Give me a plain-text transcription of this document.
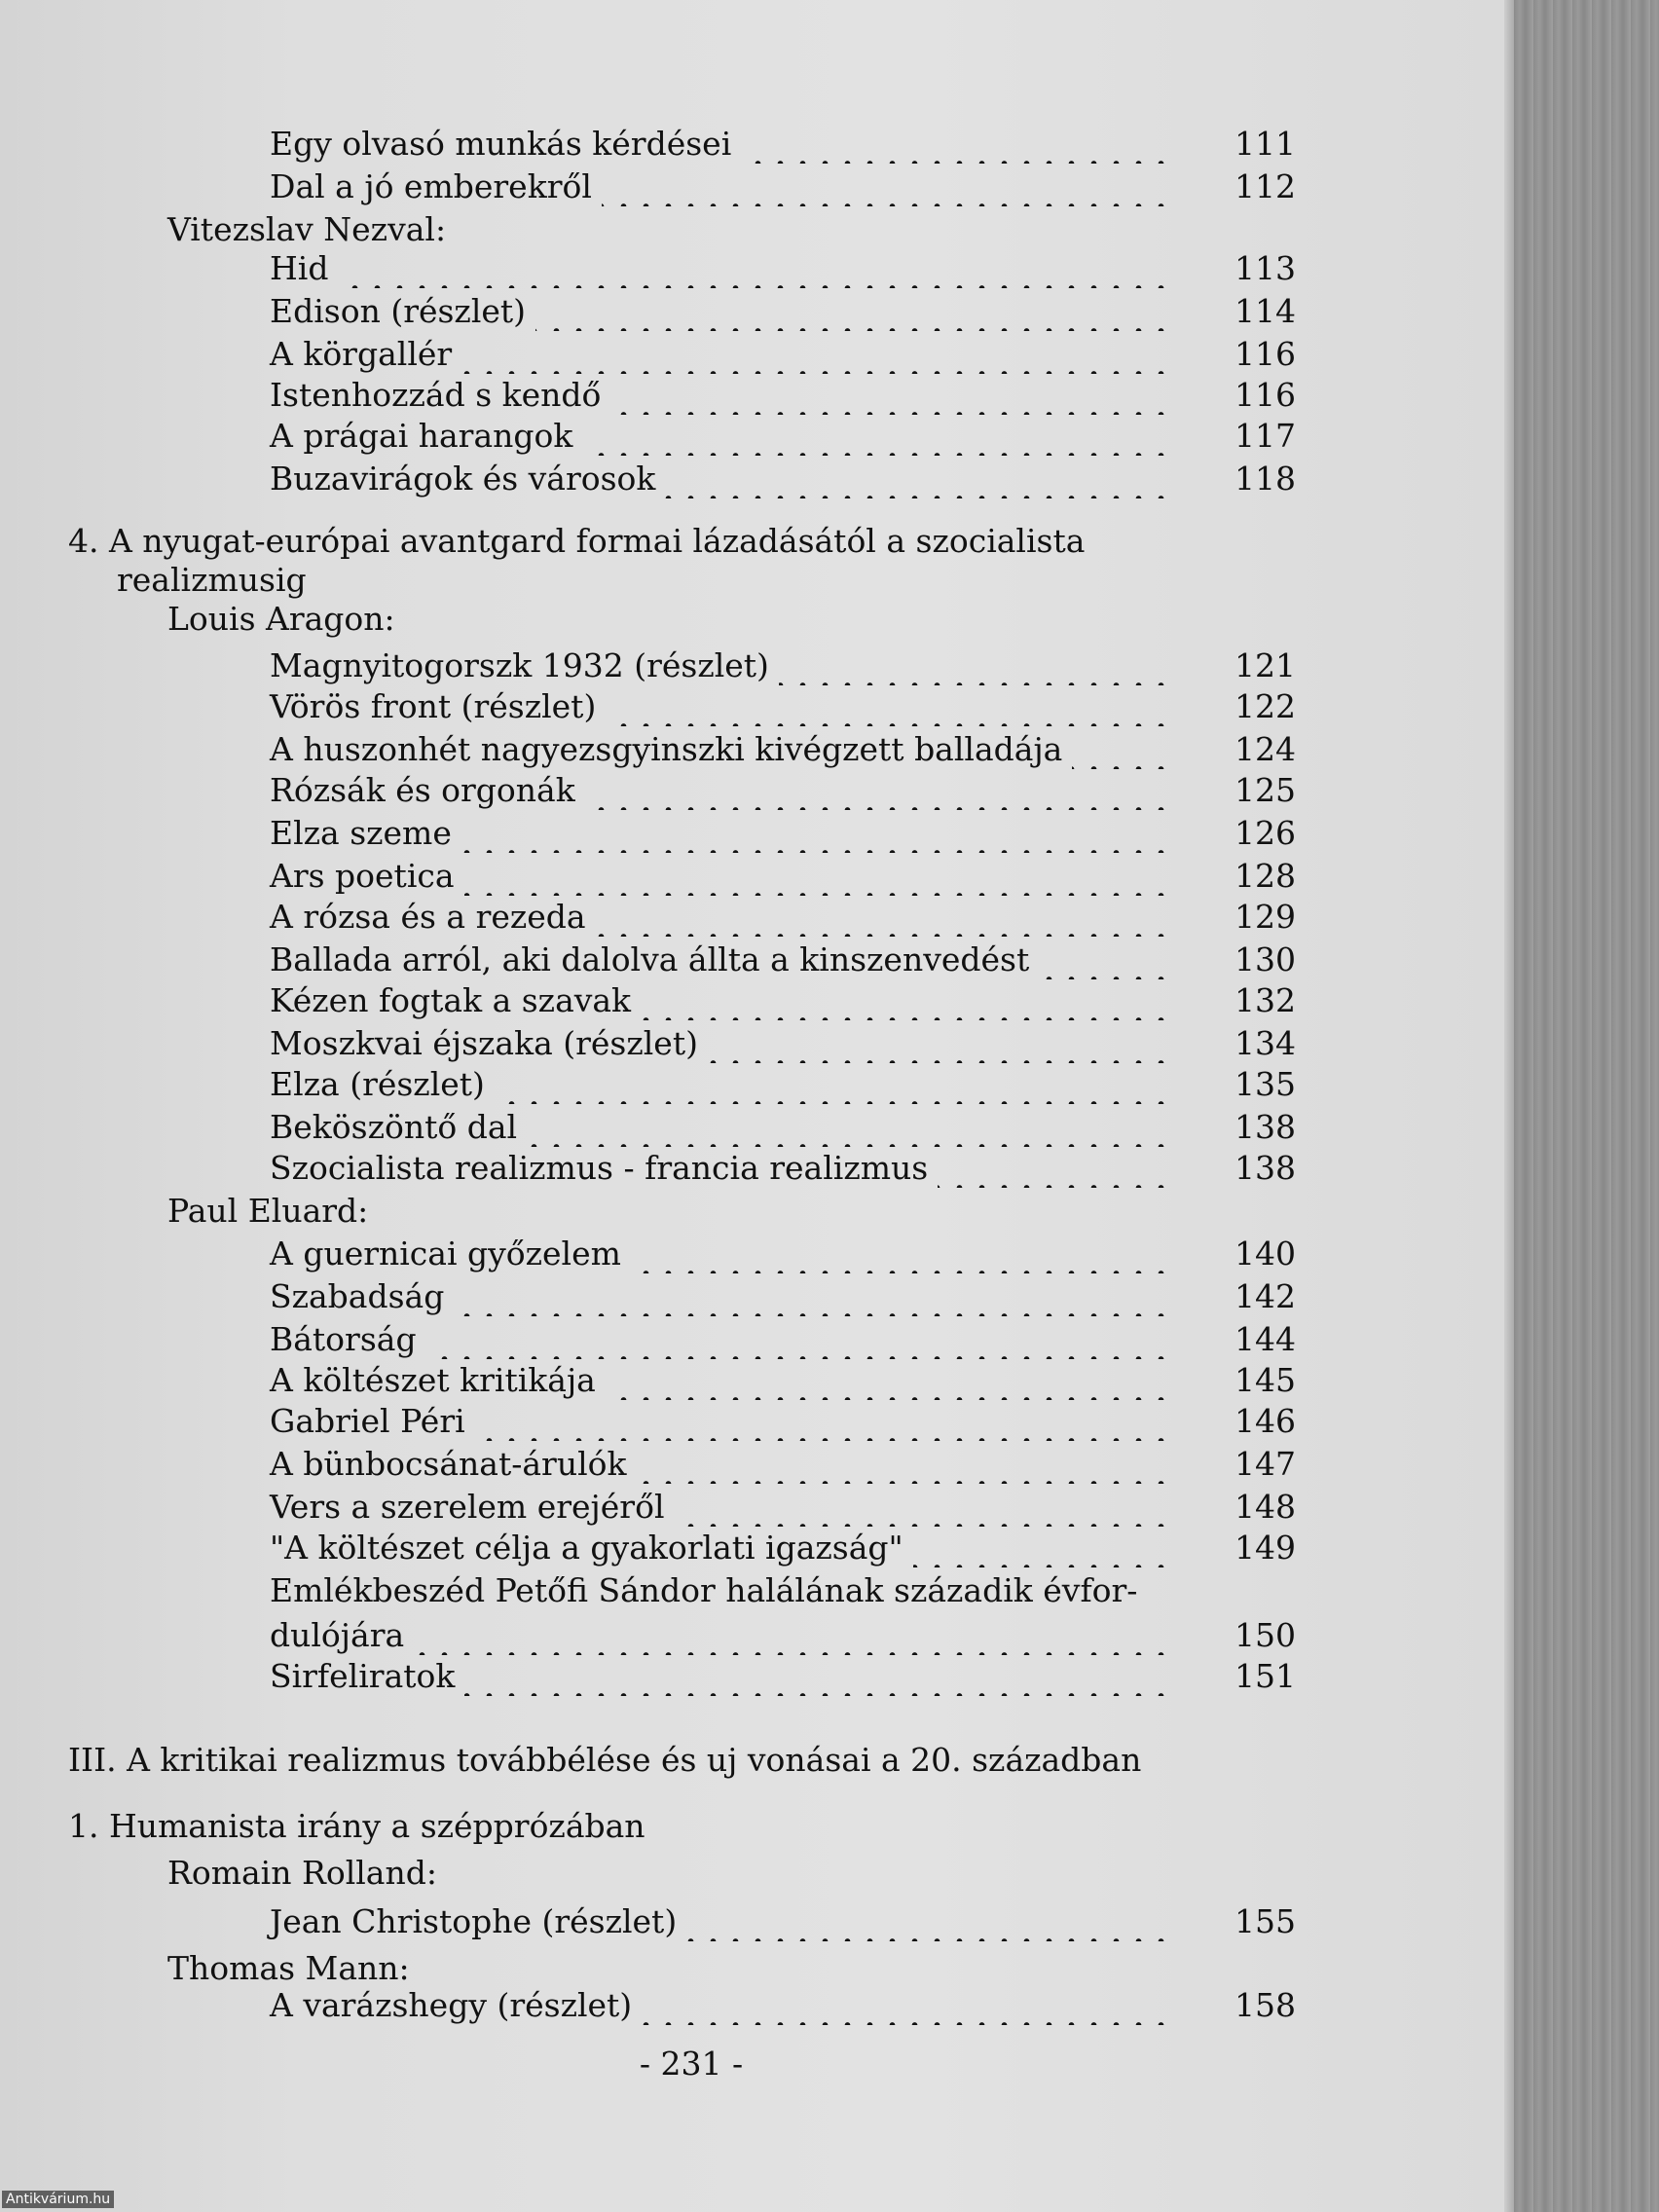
Egy olvasó munkás kérdései	111
Dal a jó emberekről	112
Vitezslav Nezval:
Hid	113
Edison (részlet)	114
A körgallér	116
Istenhozzád s kendő	116
A prágai harangok	117
Buzavirágok és városok	118
4. A nyugat-európai avantgard formai lázadásától a szocialista
realizmusig
Louis Aragon:
Magnyitogorszk 1932 (részlet)	121
Vörös front (részlet)	122
A huszonhét nagyezsgyinszki kivégzett balladája	124
Rózsák és orgonák	125
Elza szeme	126
Ars poetica	128
A rózsa és a rezeda	129
Ballada arról, aki dalolva állta a kinszenvedést	130
Kézen fogtak a szavak	132
Moszkvai éjszaka (részlet)	134
Elza (részlet)	135
Beköszöntő dal	138
Szocialista realizmus - francia realizmus	138
Paul Eluard:
A guernicai győzelem	140
Szabadság	142
Bátorság	144
A költészet kritikája	145
Gabriel Péri	146
A bünbocsánat-árulók	147
Vers a szerelem erejéről	148
"A költészet célja a gyakorlati igazság"	149
Emlékbeszéd Petőfi Sándor halálának századik évfor-
dulójára	150
Sirfeliratok	151
III. A kritikai realizmus továbbélése és uj vonásai a 20. században
1. Humanista irány a szépprózában
Romain Rolland:
Jean Christophe (részlet)	155
Thomas Mann:
A varázshegy (részlet)	158
- 231 -
Antikvárium.hu
